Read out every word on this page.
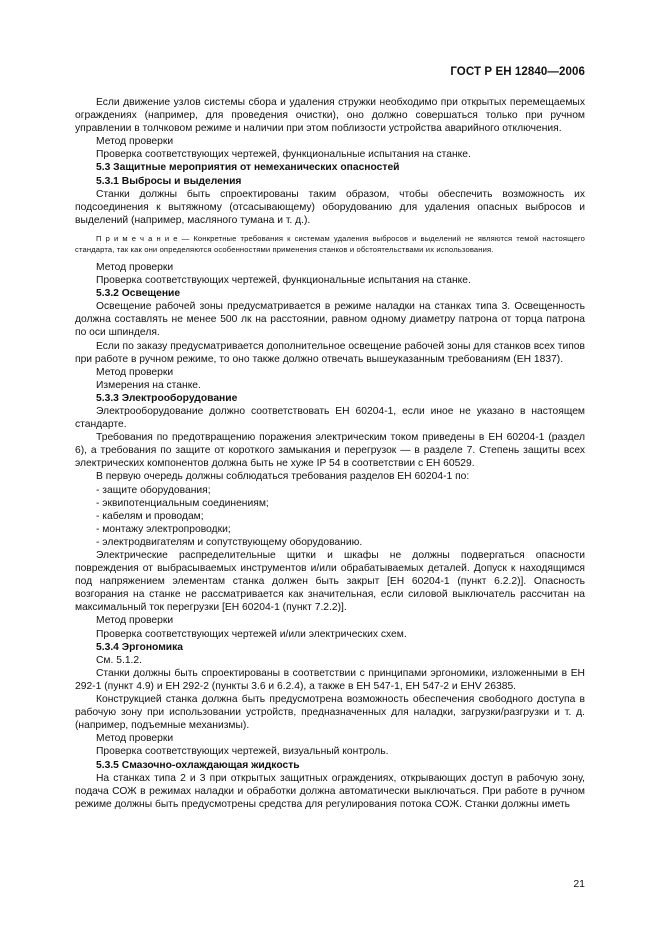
ГОСТ Р ЕН 12840—2006

Если движение узлов системы сбора и удаления стружки необходимо при открытых перемещаемых ограждениях (например, для проведения очистки), оно должно совершаться только при ручном управлении в толчковом режиме и наличии при этом поблизости устройства аварийного отключения.

Метод проверки

Проверка соответствующих чертежей, функциональные испытания на станке.

5.3 Защитные мероприятия от немеханических опасностей

5.3.1 Выбросы и выделения

Станки должны быть спроектированы таким образом, чтобы обеспечить возможность их подсоединения к вытяжному (отсасывающему) оборудованию для удаления опасных выбросов и выделений (например, масляного тумана и т. д.).

П р и м е ч а н и е — Конкретные требования к системам удаления выбросов и выделений не являются темой настоящего стандарта, так как они определяются особенностями применения станков и обстоятельствами их использования.

Метод проверки

Проверка соответствующих чертежей, функциональные испытания на станке.

5.3.2 Освещение

Освещение рабочей зоны предусматривается в режиме наладки на станках типа 3. Освещенность должна составлять не менее 500 лк на расстоянии, равном одному диаметру патрона от торца патрона по оси шпинделя.

Если по заказу предусматривается дополнительное освещение рабочей зоны для станков всех типов при работе в ручном режиме, то оно также должно отвечать вышеуказанным требованиям (ЕН 1837).

Метод проверки

Измерения на станке.

5.3.3 Электрооборудование

Электрооборудование должно соответствовать ЕН 60204-1, если иное не указано в настоящем стандарте.

Требования по предотвращению поражения электрическим током приведены в ЕН 60204-1 (раздел 6), а требования по защите от короткого замыкания и перегрузок — в разделе 7. Степень защиты всех электрических компонентов должна быть не хуже IP 54 в соответствии с ЕН 60529.

В первую очередь должны соблюдаться требования разделов ЕН 60204-1 по:

- защите оборудования;

- эквипотенциальным соединениям;

- кабелям и проводам;

- монтажу электропроводки;

- электродвигателям и сопутствующему оборудованию.

Электрические распределительные щитки и шкафы не должны подвергаться опасности повреждения от выбрасываемых инструментов и/или обрабатываемых деталей. Допуск к находящимся под напряжением элементам станка должен быть закрыт [ЕН 60204-1 (пункт 6.2.2)]. Опасность возгорания на станке не рассматривается как значительная, если силовой выключатель рассчитан на максимальный ток перегрузки [ЕН 60204-1 (пункт 7.2.2)].

Метод проверки

Проверка соответствующих чертежей и/или электрических схем.

5.3.4 Эргономика

См. 5.1.2.

Станки должны быть спроектированы в соответствии с принципами эргономики, изложенными в ЕН 292-1 (пункт 4.9) и ЕН 292-2 (пункты 3.6 и 6.2.4), а также в ЕН 547-1, ЕН 547-2 и ЕНV 26385.

Конструкцией станка должна быть предусмотрена возможность обеспечения свободного доступа в рабочую зону при использовании устройств, предназначенных для наладки, загрузки/разгрузки и т. д. (например, подъемные механизмы).

Метод проверки

Проверка соответствующих чертежей, визуальный контроль.

5.3.5 Смазочно-охлаждающая жидкость

На станках типа 2 и 3 при открытых защитных ограждениях, открывающих доступ в рабочую зону, подача СОЖ в режимах наладки и обработки должна автоматически выключаться. При работе в ручном режиме должны быть предусмотрены средства для регулирования потока СОЖ. Станки должны иметь

21
